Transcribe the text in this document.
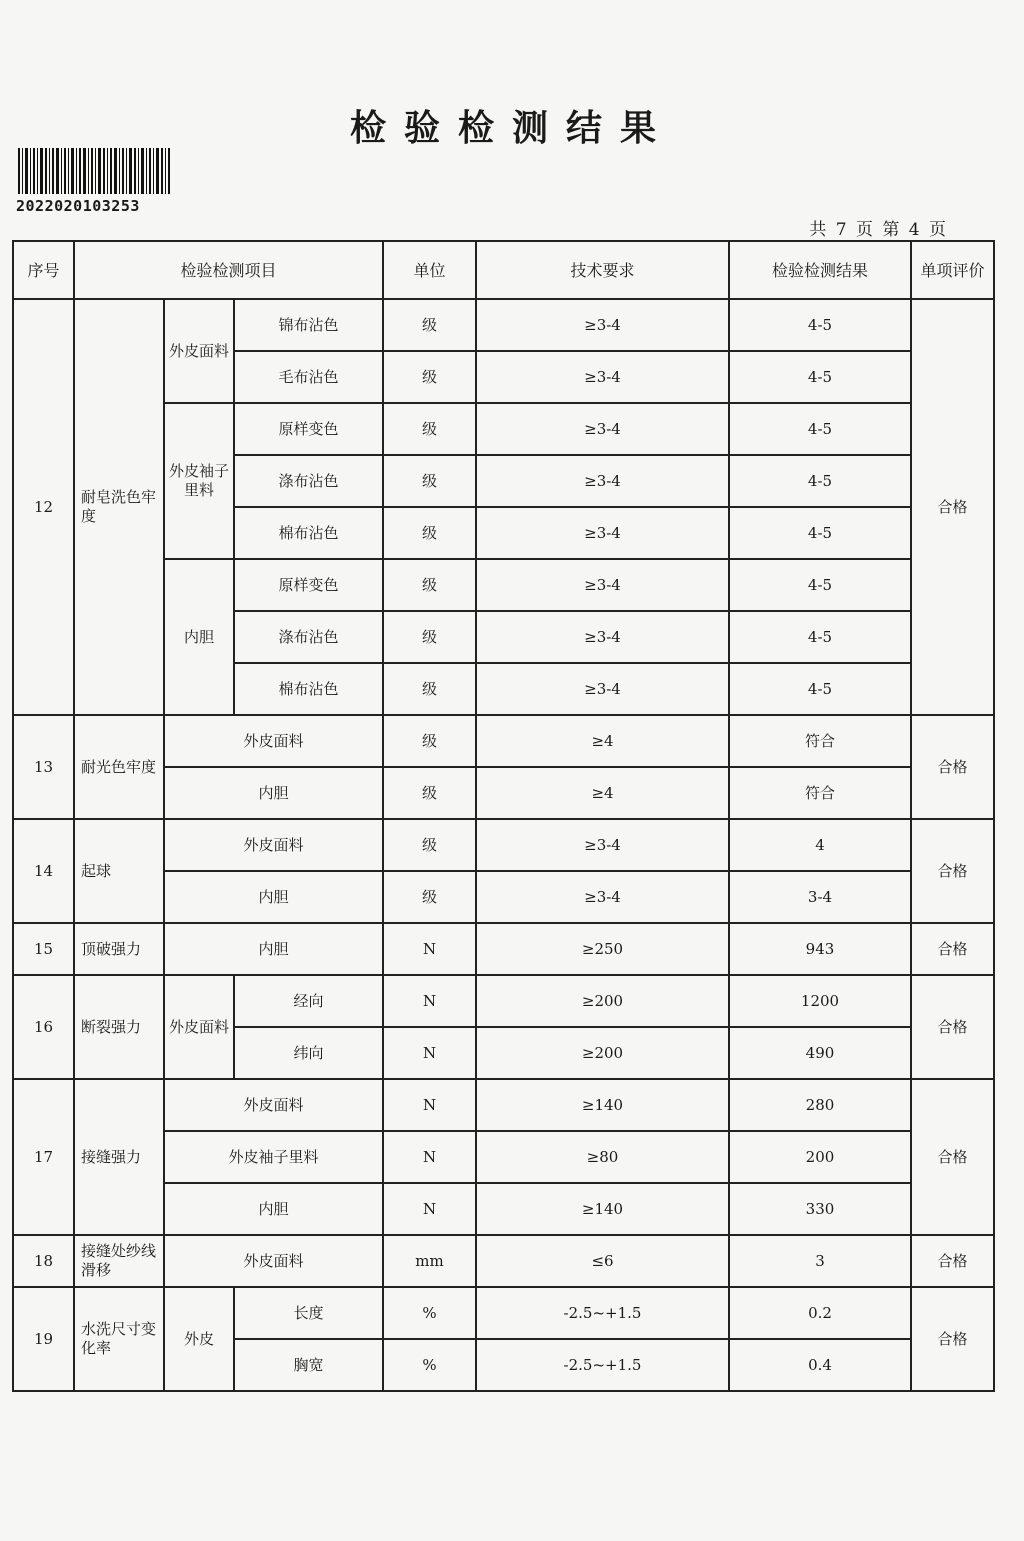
检验检测结果
2022020103253
共 7 页 第 4 页
序号	检验检测项目			单位	技术要求	检验检测结果	单项评价
12	耐皂洗色牢度	外皮面料	锦布沾色	级	≥3-4	4-5	合格
			毛布沾色	级	≥3-4	4-5	
		外皮袖子里料	原样变色	级	≥3-4	4-5	
			涤布沾色	级	≥3-4	4-5	
			棉布沾色	级	≥3-4	4-5	
		内胆	原样变色	级	≥3-4	4-5	
			涤布沾色	级	≥3-4	4-5	
			棉布沾色	级	≥3-4	4-5	
13	耐光色牢度	外皮面料		级	≥4	符合	合格
		内胆		级	≥4	符合	
14	起球	外皮面料		级	≥3-4	4	合格
		内胆		级	≥3-4	3-4	
15	顶破强力	内胆		N	≥250	943	合格
16	断裂强力	外皮面料	经向	N	≥200	1200	合格
			纬向	N	≥200	490	
17	接缝强力	外皮面料		N	≥140	280	合格
		外皮袖子里料		N	≥80	200	
		内胆		N	≥140	330	
18	接缝处纱线滑移	外皮面料		mm	≤6	3	合格
19	水洗尺寸变化率	外皮	长度	%	-2.5~+1.5	0.2	合格
			胸宽	%	-2.5~+1.5	0.4	
